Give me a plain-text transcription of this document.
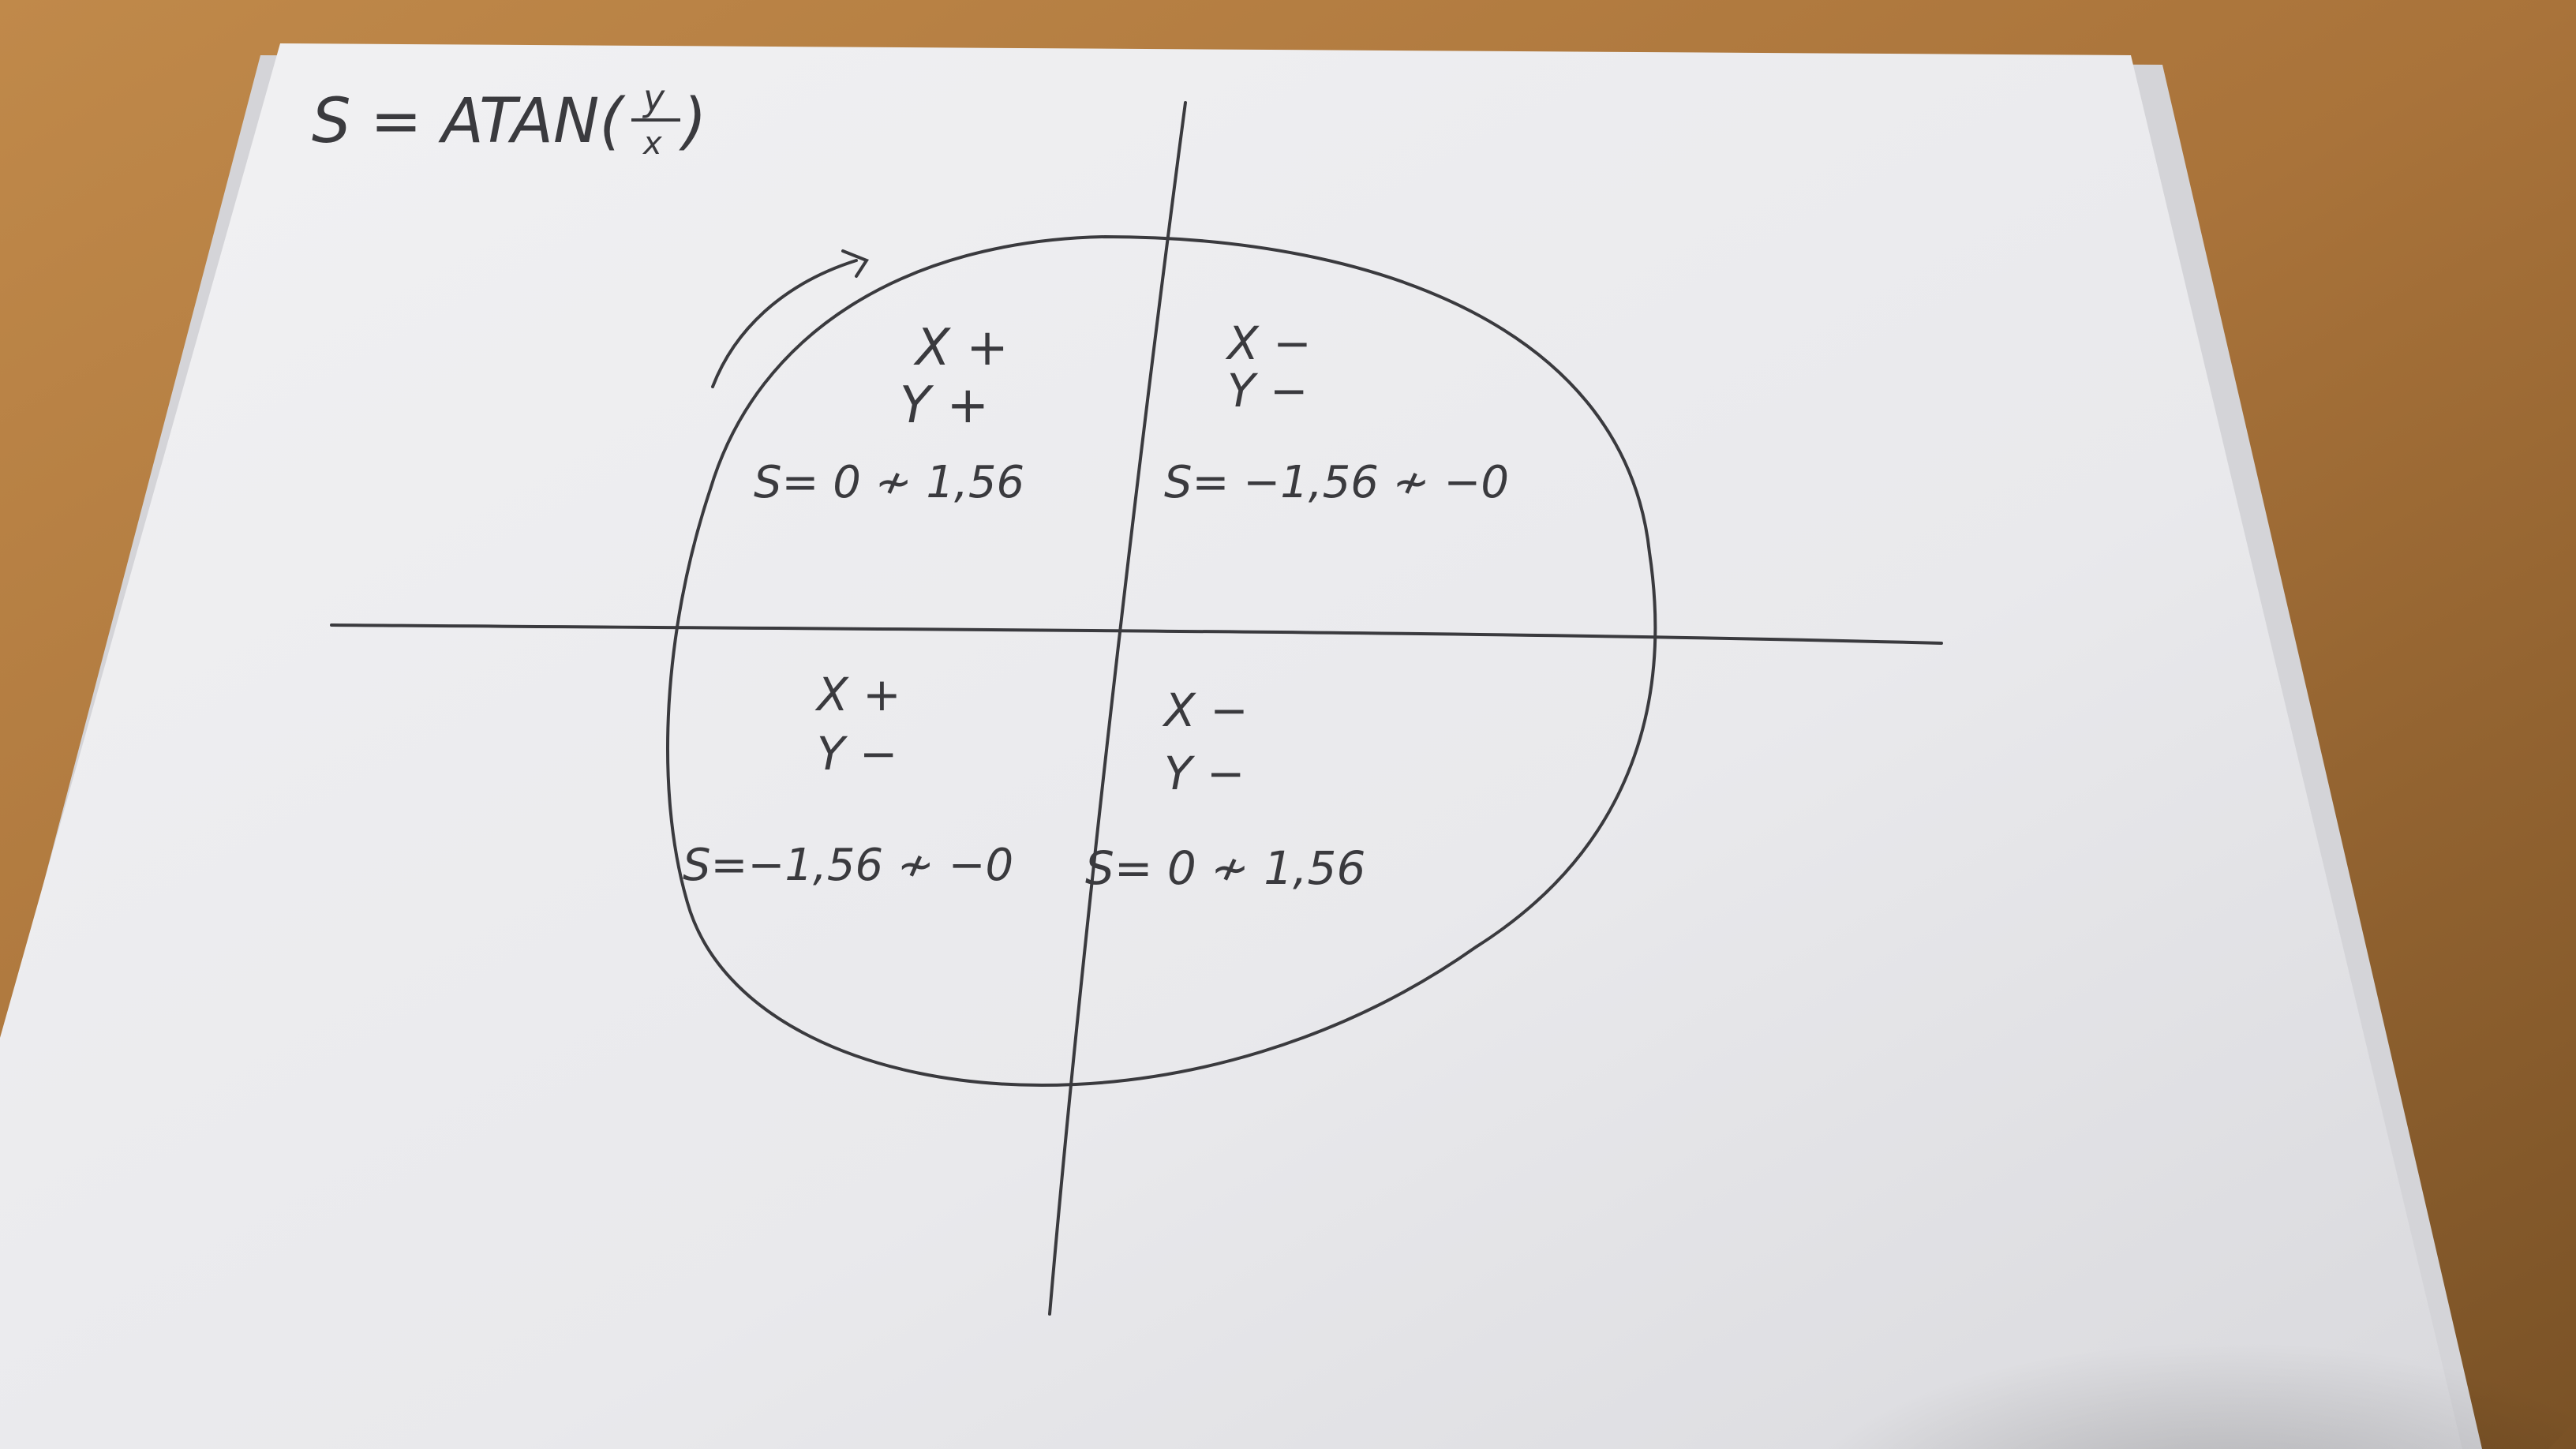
S = ATAN( y
x )
X +
Y +
S= 0 ≁ 1,56
X −
Y −
S= −1,56 ≁ −0
X +
Y −
S=−1,56 ≁ −0
X −
Y −
S= 0 ≁ 1,56
